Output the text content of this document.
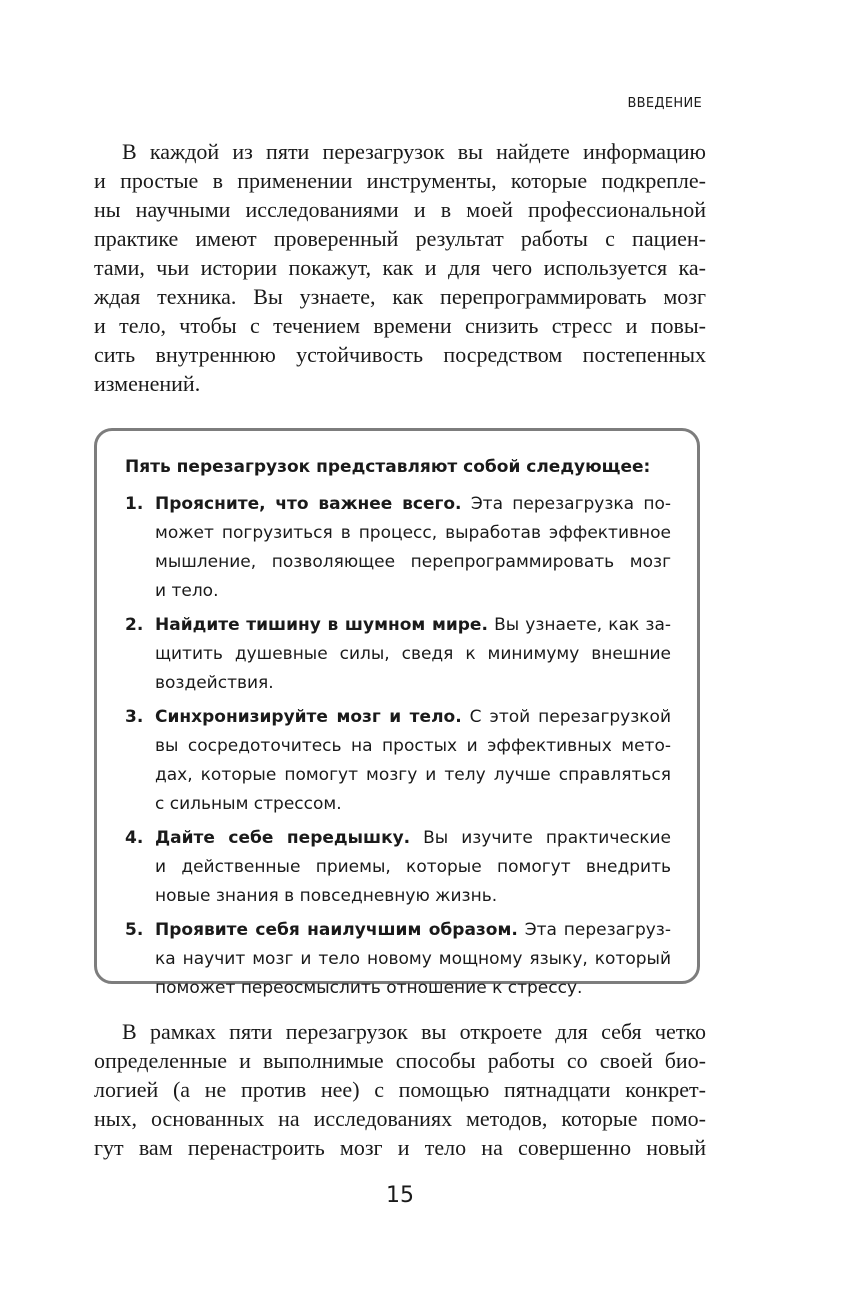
ВВЕДЕНИЕ
В каждой из пяти перезагрузок вы найдете информацию
и простые в применении инструменты, которые подкрепле-
ны научными исследованиями и в моей профессиональной
практике имеют проверенный результат работы с пациен-
тами, чьи истории покажут, как и для чего используется ка-
ждая техника. Вы узнаете, как перепрограммировать мозг
и тело, чтобы с течением времени снизить стресс и повы-
сить внутреннюю устойчивость посредством постепенных
изменений.
Пять перезагрузок представляют собой следующее:
1. Проясните, что важнее всего. Эта перезагрузка по-
может погрузиться в процесс, выработав эффективное
мышление, позволяющее перепрограммировать мозг
и тело.
2. Найдите тишину в шумном мире. Вы узнаете, как за-
щитить душевные силы, сведя к минимуму внешние
воздействия.
3. Синхронизируйте мозг и тело. С этой перезагрузкой
вы сосредоточитесь на простых и эффективных мето-
дах, которые помогут мозгу и телу лучше справляться
с сильным стрессом.
4. Дайте себе передышку. Вы изучите практические
и действенные приемы, которые помогут внедрить
новые знания в повседневную жизнь.
5. Проявите себя наилучшим образом. Эта перезагруз-
ка научит мозг и тело новому мощному языку, который
поможет переосмыслить отношение к стрессу.
В рамках пяти перезагрузок вы откроете для себя четко
определенные и выполнимые способы работы со своей био-
логией (а не против нее) с помощью пятнадцати конкрет-
ных, основанных на исследованиях методов, которые помо-
гут вам перенастроить мозг и тело на совершенно новый
15
